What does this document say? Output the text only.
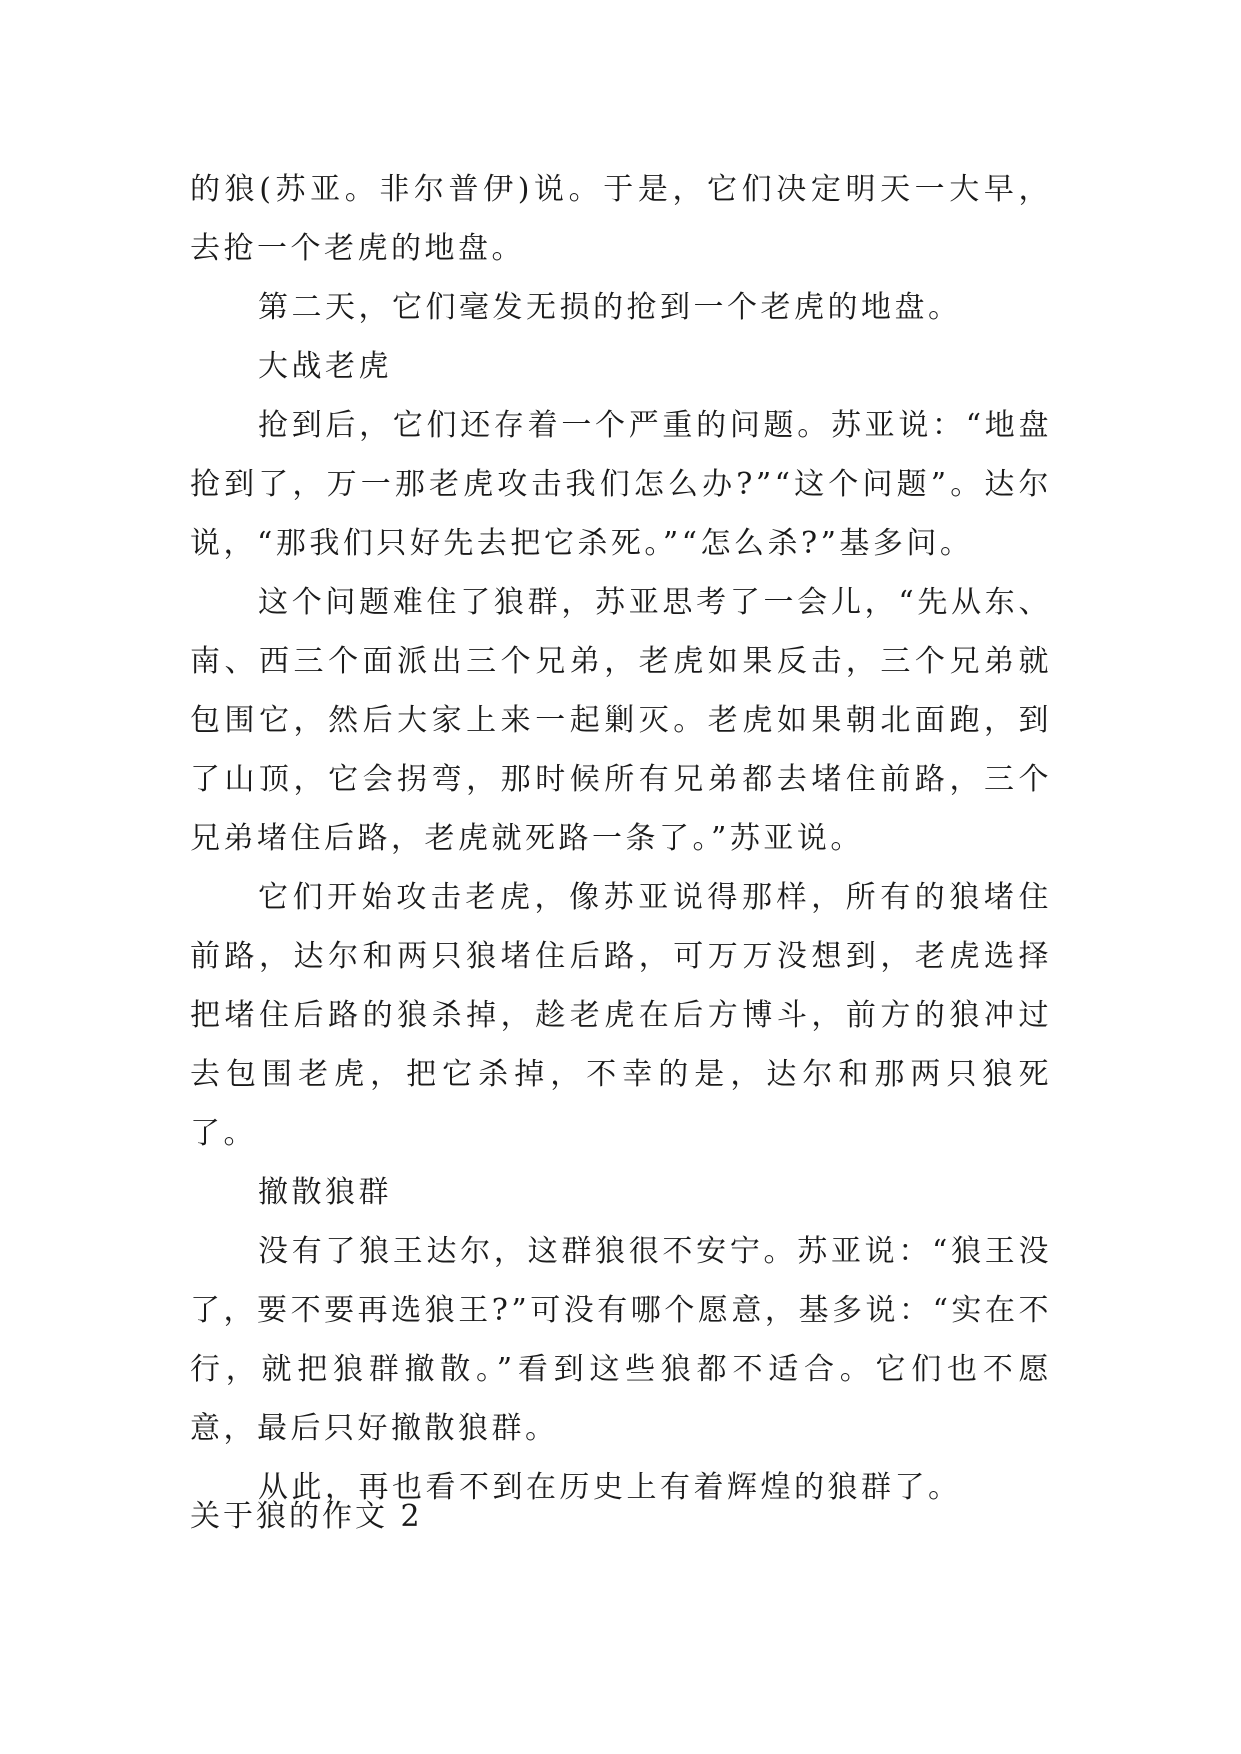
的狼(苏亚。非尔普伊)说。于是，它们决定明天一大早，去抢一个老虎的地盘。

第二天，它们毫发无损的抢到一个老虎的地盘。

大战老虎

抢到后，它们还存着一个严重的问题。苏亚说：“地盘抢到了，万一那老虎攻击我们怎么办?”“这个问题”。达尔说，“那我们只好先去把它杀死。”“怎么杀?”基多问。

这个问题难住了狼群，苏亚思考了一会儿，“先从东、南、西三个面派出三个兄弟，老虎如果反击，三个兄弟就包围它，然后大家上来一起剿灭。老虎如果朝北面跑，到了山顶，它会拐弯，那时候所有兄弟都去堵住前路，三个兄弟堵住后路，老虎就死路一条了。”苏亚说。

它们开始攻击老虎，像苏亚说得那样，所有的狼堵住前路，达尔和两只狼堵住后路，可万万没想到，老虎选择把堵住后路的狼杀掉，趁老虎在后方博斗，前方的狼冲过去包围老虎，把它杀掉，不幸的是，达尔和那两只狼死了。

撤散狼群

没有了狼王达尔，这群狼很不安宁。苏亚说：“狼王没了，要不要再选狼王?”可没有哪个愿意，基多说：“实在不行，就把狼群撤散。”看到这些狼都不适合。它们也不愿意，最后只好撤散狼群。

从此，再也看不到在历史上有着辉煌的狼群了。

关于狼的作文 2
